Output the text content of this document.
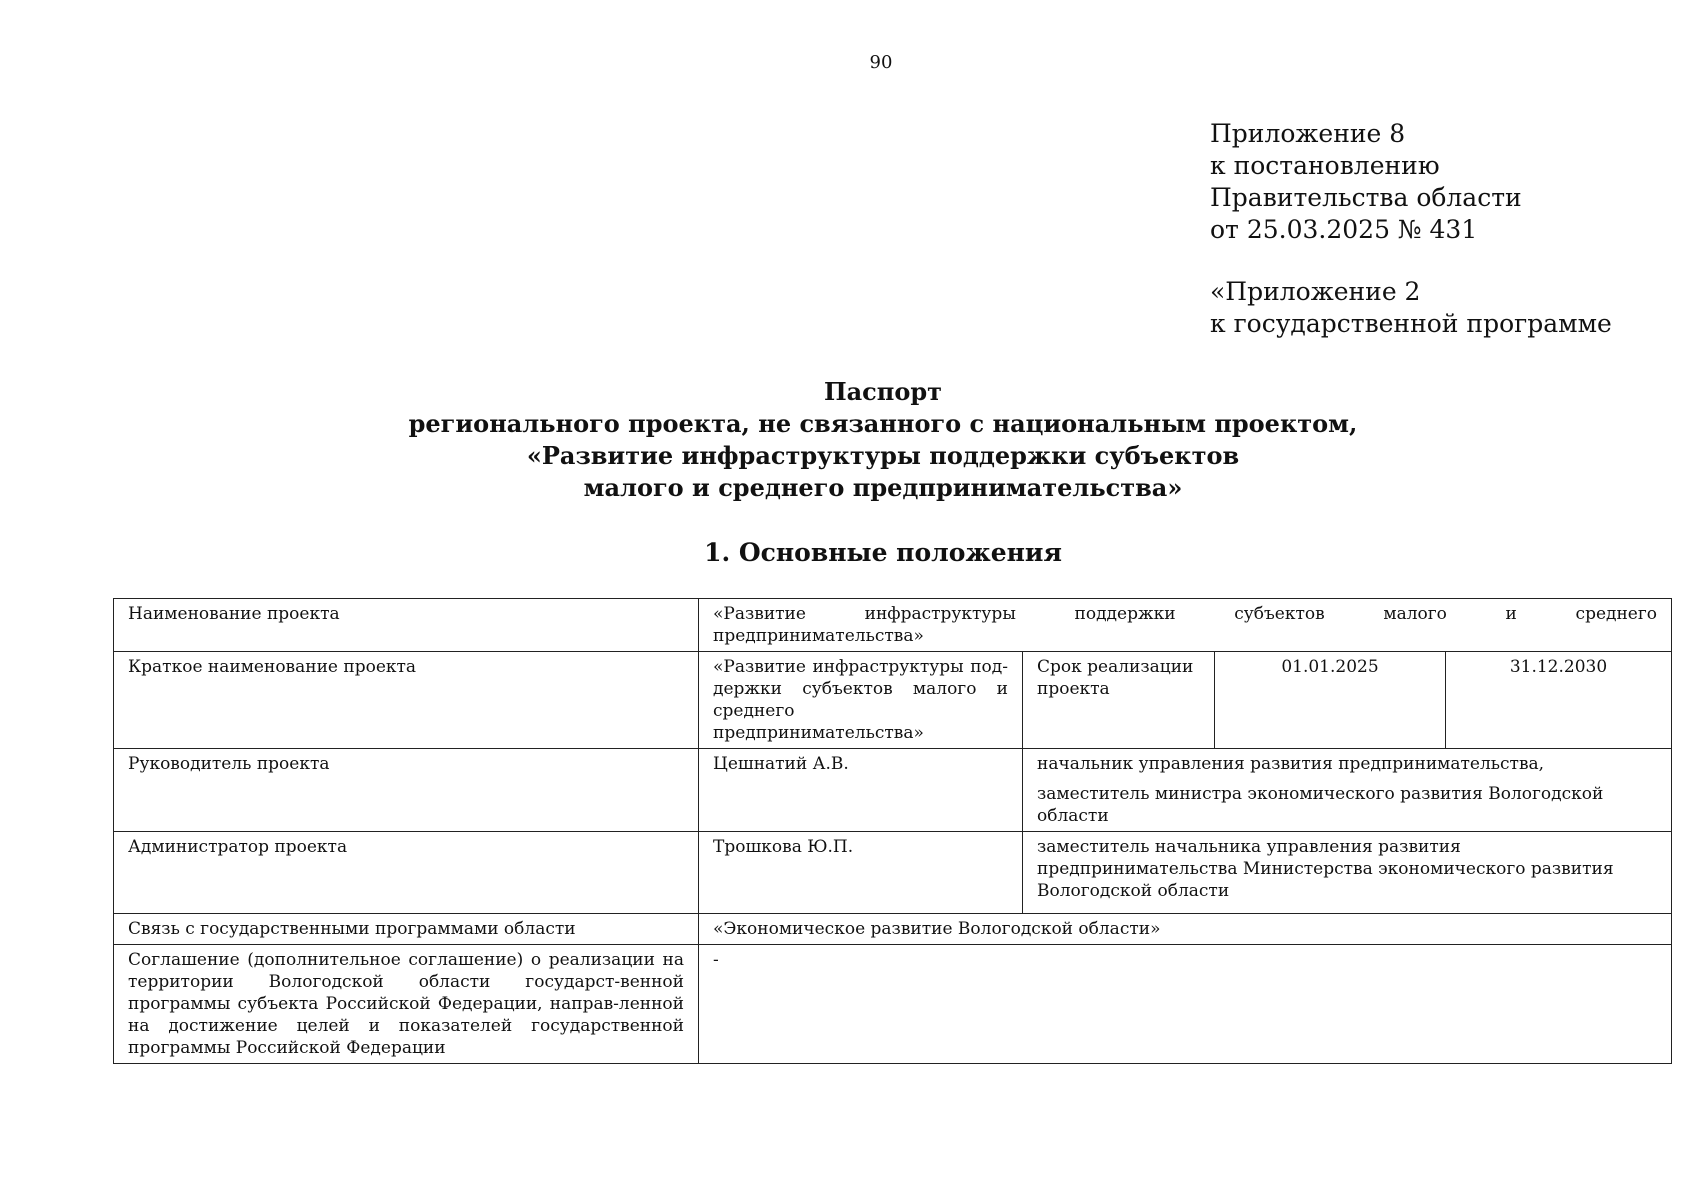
90
Приложение 8
к постановлению
Правительства области
от 25.03.2025 № 431
«Приложение 2
к государственной программе
Паспорт
регионального проекта, не связанного с национальным проектом,
«Развитие инфраструктуры поддержки субъектов
малого и среднего предпринимательства»
1. Основные положения
Наименование проекта	«Развитие инфраструктуры поддержки субъектов малого и среднего
предпринимательства»			

Краткое наименование проекта	«Развитие инфраструктуры под-держки субъектов малого и среднего предпринимательства»	Срок реализации проекта	01.01.2025	31.12.2030
Руководитель проекта	Цешнатий А.В.	начальник управления развития предпринимательства,
заместитель министра экономического развития Вологодской области		

Администратор проекта	Трошкова Ю.П.	заместитель начальника управления развития предпринимательства Министерства экономического развития Вологодской области		
Связь с государственными программами области	«Экономическое развитие Вологодской области»			
Соглашение (дополнительное соглашение) о реализации на территории Вологодской области государст-венной программы субъекта Российской Федерации, направ-ленной на достижение целей и показателей государственной программы Российской Федерации	-			
